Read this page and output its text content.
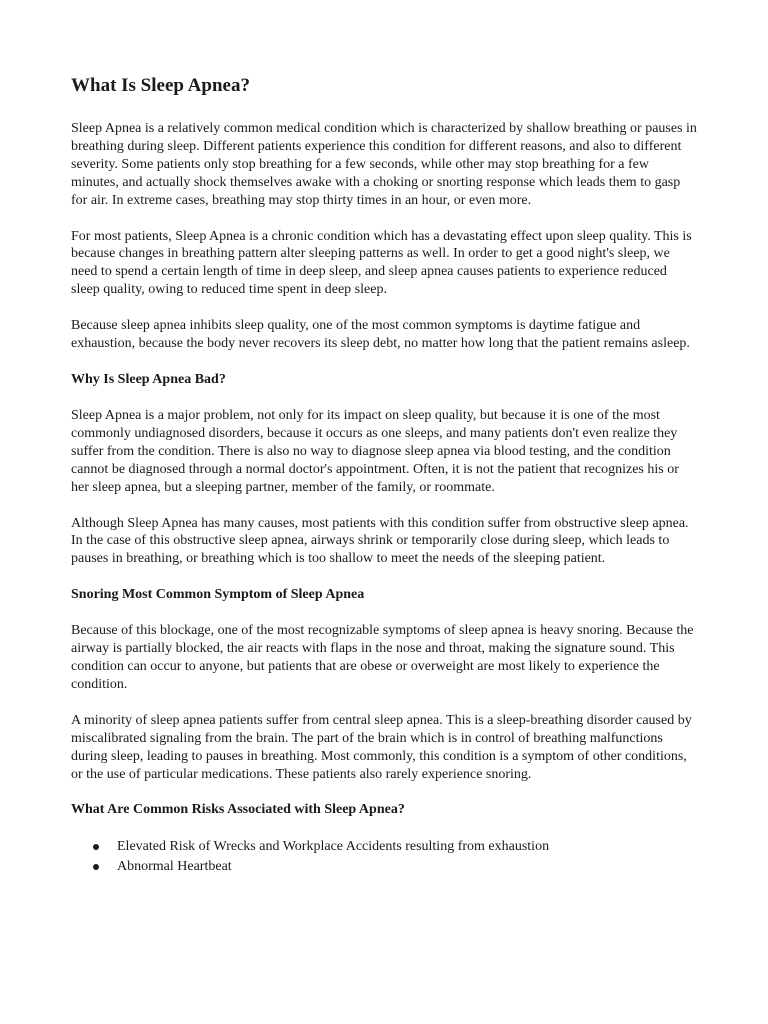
What Is Sleep Apnea?

Sleep Apnea is a relatively common medical condition which is characterized by shallow breathing or pauses in breathing during sleep. Different patients experience this condition for different reasons, and also to different severity. Some patients only stop breathing for a few seconds, while other may stop breathing for a few minutes, and actually shock themselves awake with a choking or snorting response which leads them to gasp for air. In extreme cases, breathing may stop thirty times in an hour, or even more.

For most patients, Sleep Apnea is a chronic condition which has a devastating effect upon sleep quality. This is because changes in breathing pattern alter sleeping patterns as well. In order to get a good night's sleep, we need to spend a certain length of time in deep sleep, and sleep apnea causes patients to experience reduced sleep quality, owing to reduced time spent in deep sleep.

Because sleep apnea inhibits sleep quality, one of the most common symptoms is daytime fatigue and exhaustion, because the body never recovers its sleep debt, no matter how long that the patient remains asleep.

Why Is Sleep Apnea Bad?

Sleep Apnea is a major problem, not only for its impact on sleep quality, but because it is one of the most commonly undiagnosed disorders, because it occurs as one sleeps, and many patients don't even realize they suffer from the condition. There is also no way to diagnose sleep apnea via blood testing, and the condition cannot be diagnosed through a normal doctor's appointment. Often, it is not the patient that recognizes his or her sleep apnea, but a sleeping partner, member of the family, or roommate.

Although Sleep Apnea has many causes, most patients with this condition suffer from obstructive sleep apnea. In the case of this obstructive sleep apnea, airways shrink or temporarily close during sleep, which leads to pauses in breathing, or breathing which is too shallow to meet the needs of the sleeping patient.

Snoring Most Common Symptom of Sleep Apnea

Because of this blockage, one of the most recognizable symptoms of sleep apnea is heavy snoring. Because the airway is partially blocked, the air reacts with flaps in the nose and throat, making the signature sound. This condition can occur to anyone, but patients that are obese or overweight are most likely to experience the condition.

A minority of sleep apnea patients suffer from central sleep apnea. This is a sleep-breathing disorder caused by miscalibrated signaling from the brain. The part of the brain which is in control of breathing malfunctions during sleep, leading to pauses in breathing. Most commonly, this condition is a symptom of other conditions, or the use of particular medications. These patients also rarely experience snoring.

What Are Common Risks Associated with Sleep Apnea?
Elevated Risk of Wrecks and Workplace Accidents resulting from exhaustion
Abnormal Heartbeat
